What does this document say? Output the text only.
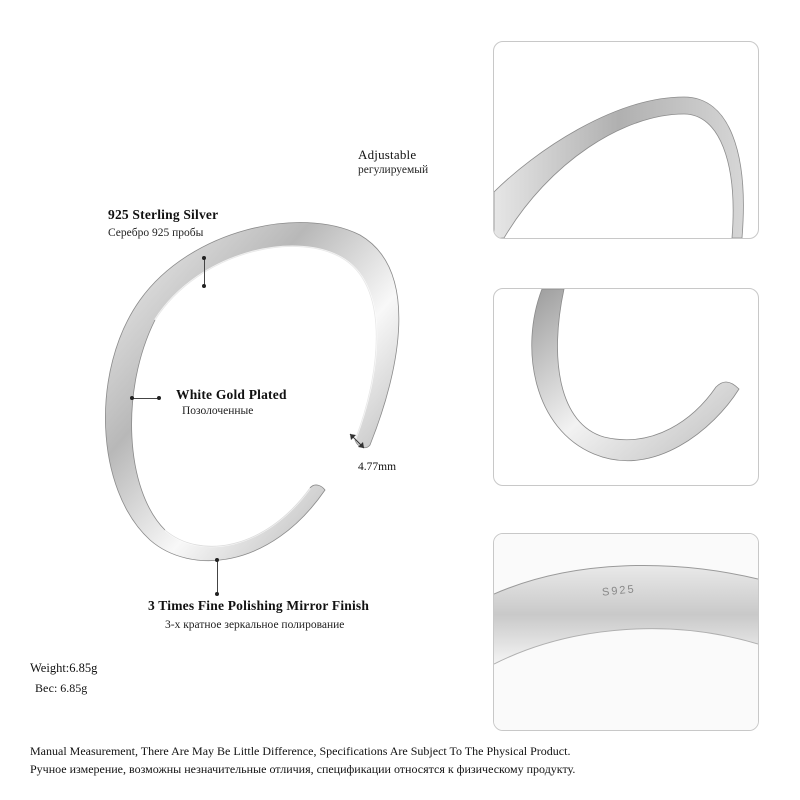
Adjustable
регулируемый
925 Sterling Silver
Серебро 925 пробы
White Gold Plated
Позолоченные
4.77mm
3 Times Fine Polishing Mirror Finish
3-х кратное зеркальное полирование
Weight:6.85g
Вес: 6.85g
S925
Manual Measurement, There Are May Be Little Difference, Specifications Are Subject To The Physical Product.
Ручное измерение, возможны незначительные отличия, спецификации относятся к физическому продукту.
